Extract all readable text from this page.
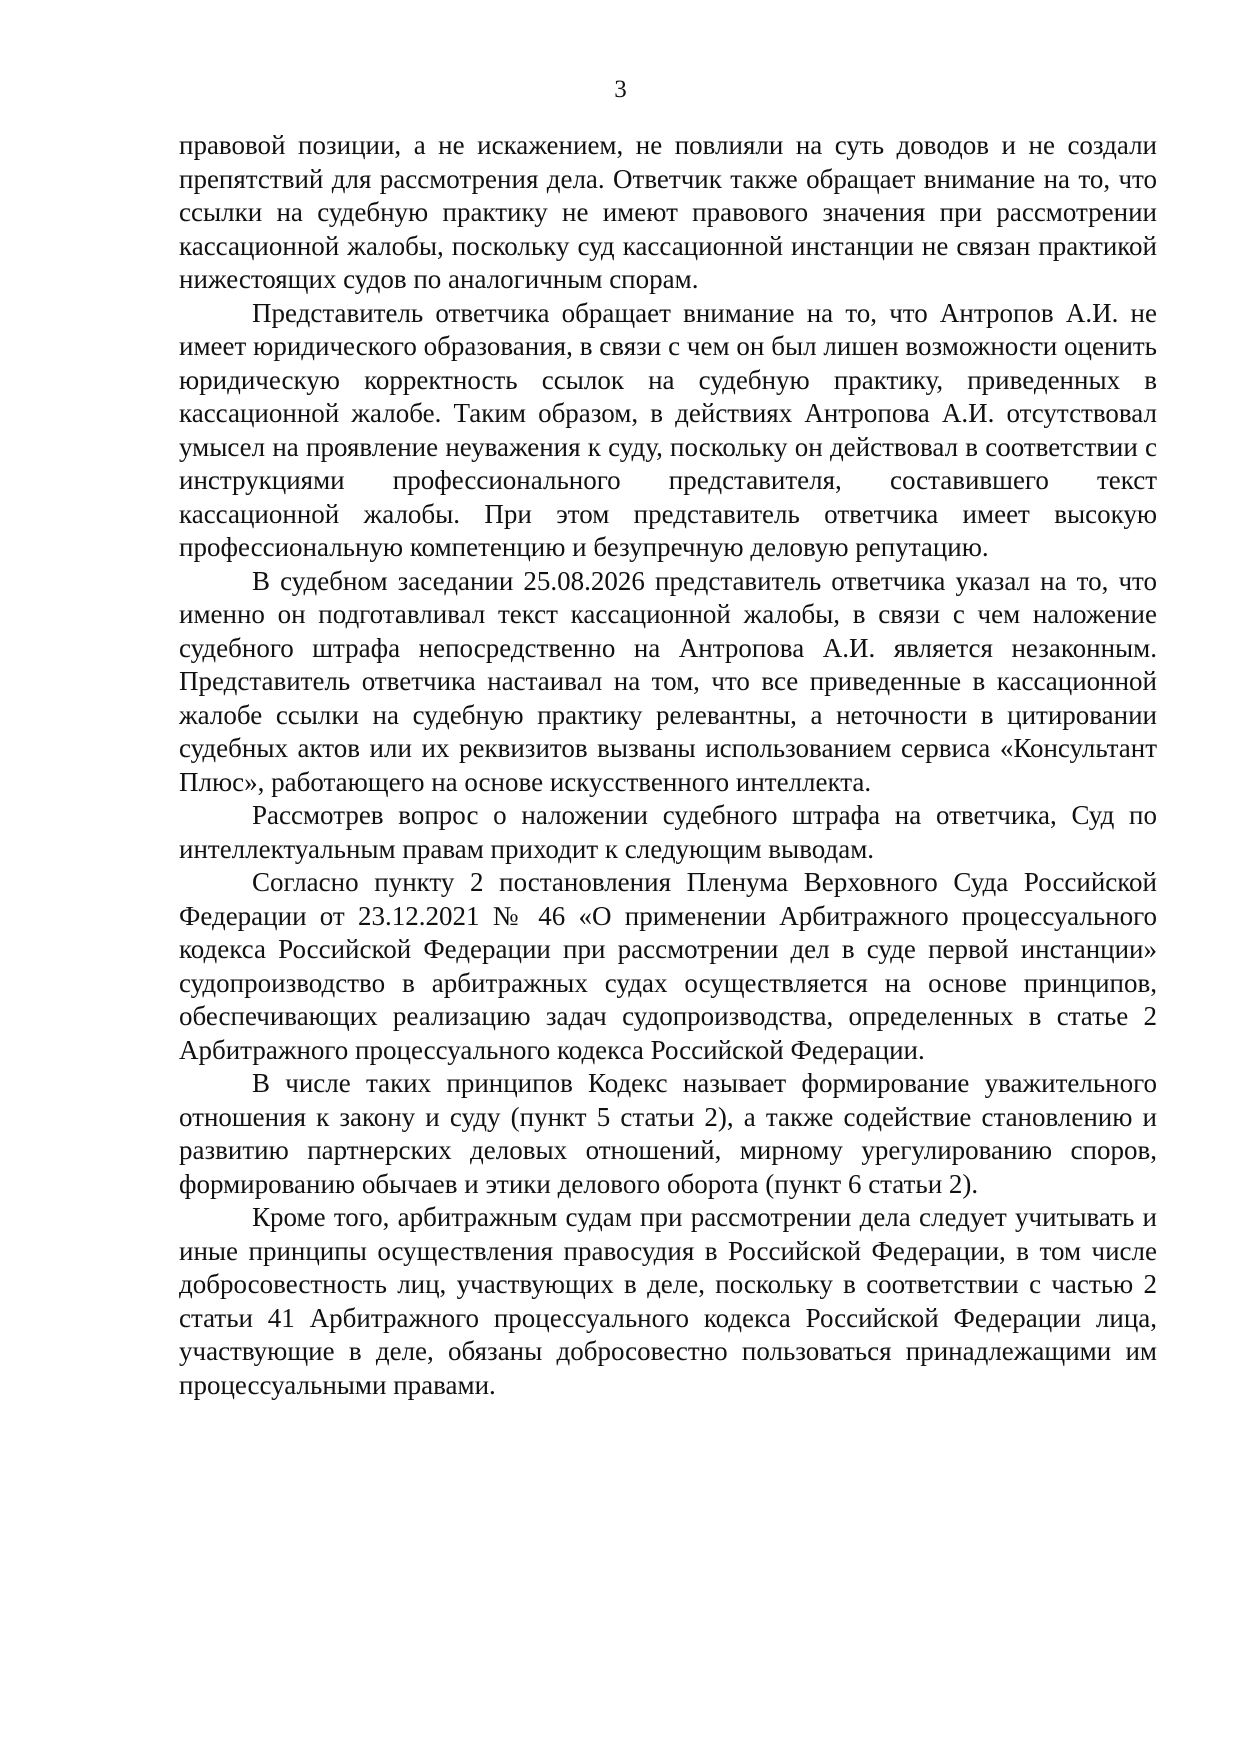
3

правовой позиции, а не искажением, не повлияли на суть доводов и не создали препятствий для рассмотрения дела. Ответчик также обращает внимание на то, что ссылки на судебную практику не имеют правового значения при рассмотрении кассационной жалобы, поскольку суд кассационной инстанции не связан практикой нижестоящих судов по аналогичным спорам.

Представитель ответчика обращает внимание на то, что Антропов А.И. не имеет юридического образования, в связи с чем он был лишен возможности оценить юридическую корректность ссылок на судебную практику, приведенных в кассационной жалобе. Таким образом, в действиях Антропова А.И. отсутствовал умысел на проявление неуважения к суду, поскольку он действовал в соответствии с инструкциями профессионального представителя, составившего текст кассационной жалобы. При этом представитель ответчика имеет высокую профессиональную компетенцию и безупречную деловую репутацию.

В судебном заседании 25.08.2026 представитель ответчика указал на то, что именно он подготавливал текст кассационной жалобы, в связи с чем наложение судебного штрафа непосредственно на Антропова А.И. является незаконным. Представитель ответчика настаивал на том, что все приведенные в кассационной жалобе ссылки на судебную практику релевантны, а неточности в цитировании судебных актов или их реквизитов вызваны использованием сервиса «Консультант Плюс», работающего на основе искусственного интеллекта.

Рассмотрев вопрос о наложении судебного штрафа на ответчика, Суд по интеллектуальным правам приходит к следующим выводам.

Согласно пункту 2 постановления Пленума Верховного Суда Российской Федерации от 23.12.2021 № 46 «О применении Арбитражного процессуального кодекса Российской Федерации при рассмотрении дел в суде первой инстанции» судопроизводство в арбитражных судах осуществляется на основе принципов, обеспечивающих реализацию задач судопроизводства, определенных в статье 2 Арбитражного процессуального кодекса Российской Федерации.

В числе таких принципов Кодекс называет формирование уважительного отношения к закону и суду (пункт 5 статьи 2), а также содействие становлению и развитию партнерских деловых отношений, мирному урегулированию споров, формированию обычаев и этики делового оборота (пункт 6 статьи 2).

Кроме того, арбитражным судам при рассмотрении дела следует учитывать и иные принципы осуществления правосудия в Российской Федерации, в том числе добросовестность лиц, участвующих в деле, поскольку в соответствии с частью 2 статьи 41 Арбитражного процессуального кодекса Российской Федерации лица, участвующие в деле, обязаны добросовестно пользоваться принадлежащими им процессуальными правами.
